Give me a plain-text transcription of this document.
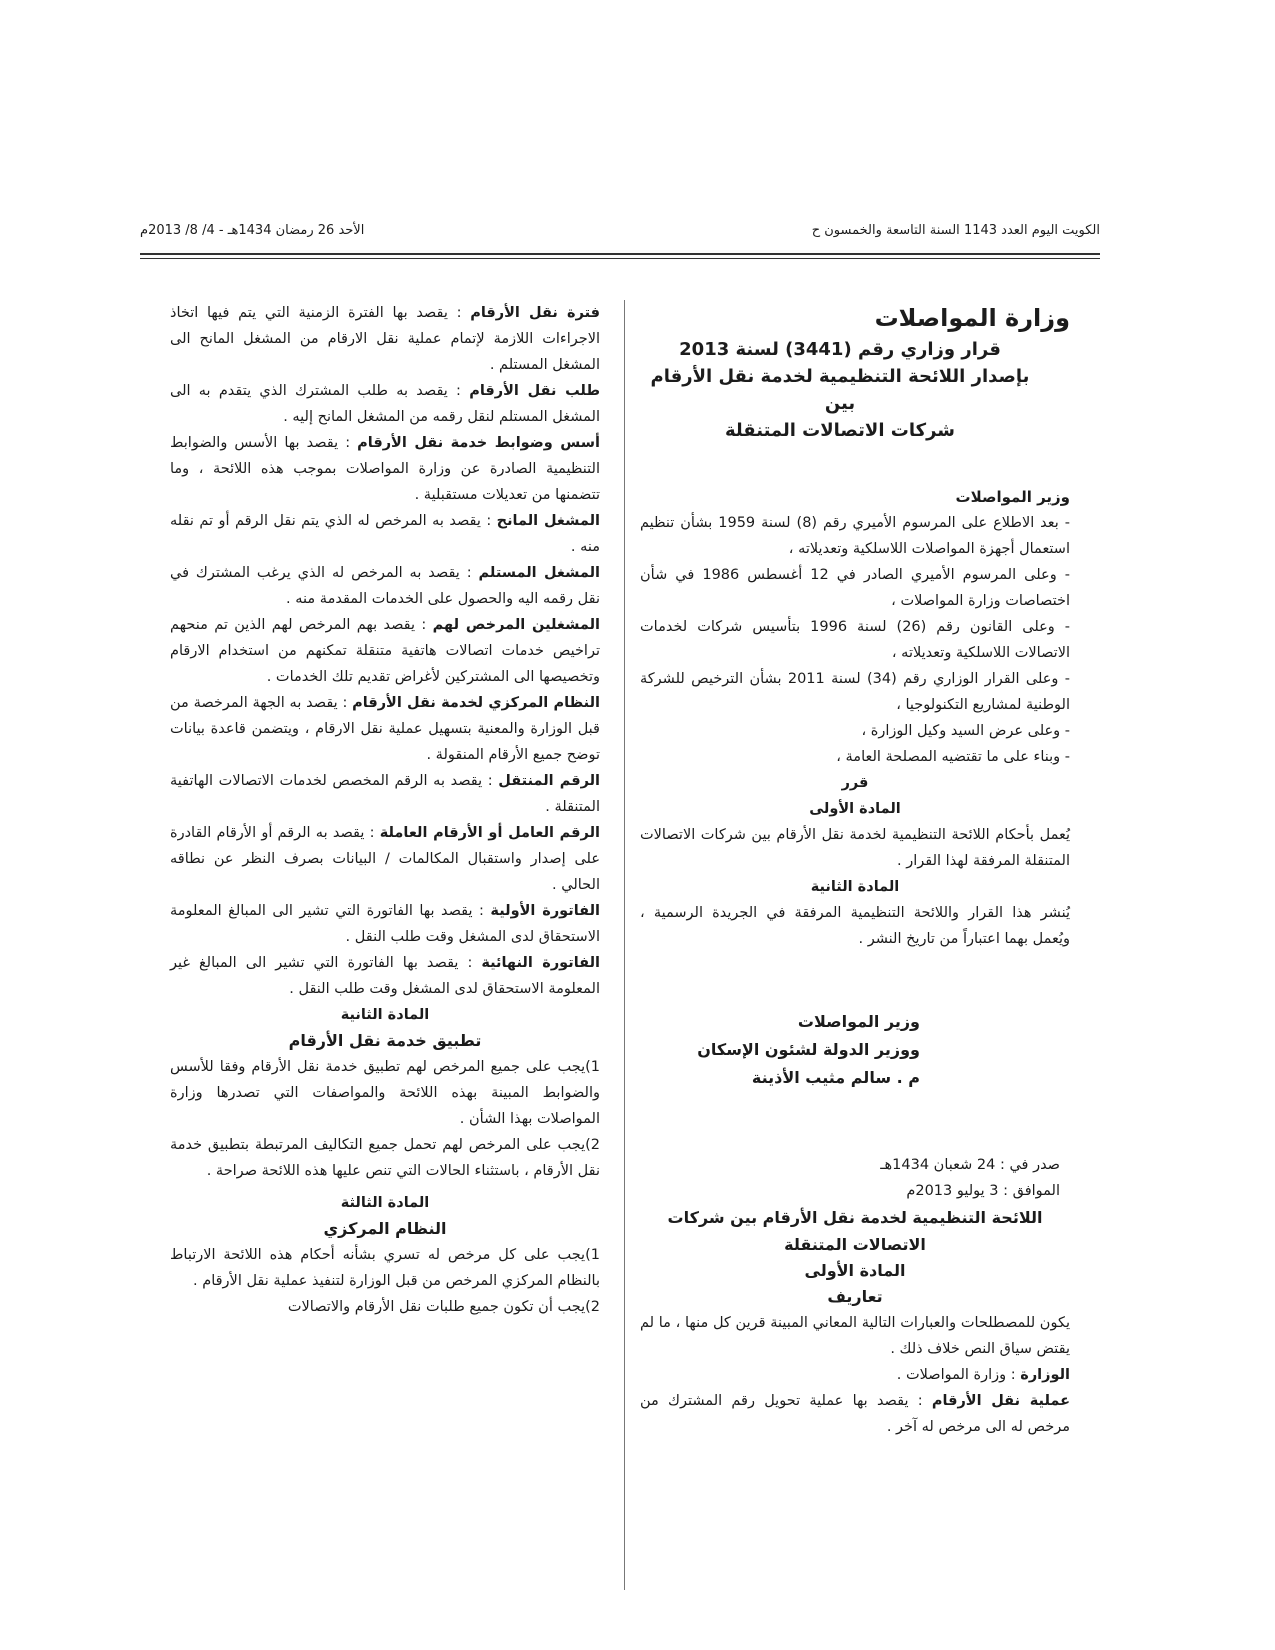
الكويت اليوم العدد 1143 السنة التاسعة والخمسون ح
الأحد 26 رمضان 1434هـ - 4/ 8/ 2013م

وزارة المواصلات

قرار وزاري رقم (3441) لسنة 2013
بإصدار اللائحة التنظيمية لخدمة نقل الأرقام بين
شركات الاتصالات المتنقلة

وزير المواصلات

- بعد الاطلاع على المرسوم الأميري رقم (8) لسنة 1959 بشأن تنظيم استعمال أجهزة المواصلات اللاسلكية وتعديلاته ،

- وعلى المرسوم الأميري الصادر في 12 أغسطس 1986 في شأن اختصاصات وزارة المواصلات ،

- وعلى القانون رقم (26) لسنة 1996 بتأسيس شركات لخدمات الاتصالات اللاسلكية وتعديلاته ،

- وعلى القرار الوزاري رقم (34) لسنة 2011 بشأن الترخيص للشركة الوطنية لمشاريع التكنولوجيا ،

- وعلى عرض السيد وكيل الوزارة ،

- وبناء على ما تقتضيه المصلحة العامة ،

قرر

المادة الأولى

يُعمل بأحكام اللائحة التنظيمية لخدمة نقل الأرقام بين شركات الاتصالات المتنقلة المرفقة لهذا القرار .

المادة الثانية

يُنشر هذا القرار واللائحة التنظيمية المرفقة في الجريدة الرسمية ، ويُعمل بهما اعتباراً من تاريخ النشر .

وزير المواصلات
ووزير الدولة لشئون الإسكان
م . سالم مثيب الأذينة
صدر في : 24 شعبان 1434هـ
الموافق : 3 يوليو 2013م

اللائحة التنظيمية لخدمة نقل الأرقام بين شركات الاتصالات المتنقلة

المادة الأولى

تعاريف

يكون للمصطلحات والعبارات التالية المعاني المبينة قرين كل منها ، ما لم يقتض سياق النص خلاف ذلك .

الوزارة : وزارة المواصلات .

عملية نقل الأرقام : يقصد بها عملية تحويل رقم المشترك من مرخص له الى مرخص له آخر .

فترة نقل الأرقام : يقصد بها الفترة الزمنية التي يتم فيها اتخاذ الاجراءات اللازمة لإتمام عملية نقل الارقام من المشغل المانح الى المشغل المستلم .

طلب نقل الأرقام : يقصد به طلب المشترك الذي يتقدم به الى المشغل المستلم لنقل رقمه من المشغل المانح إليه .

أسس وضوابط خدمة نقل الأرقام : يقصد بها الأسس والضوابط التنظيمية الصادرة عن وزارة المواصلات بموجب هذه اللائحة ، وما تتضمنها من تعديلات مستقبلية .

المشغل المانح : يقصد به المرخص له الذي يتم نقل الرقم أو تم نقله منه .

المشغل المستلم : يقصد به المرخص له الذي يرغب المشترك في نقل رقمه اليه والحصول على الخدمات المقدمة منه .

المشغلين المرخص لهم : يقصد بهم المرخص لهم الذين تم منحهم تراخيص خدمات اتصالات هاتفية متنقلة تمكنهم من استخدام الارقام وتخصيصها الى المشتركين لأغراض تقديم تلك الخدمات .

النظام المركزي لخدمة نقل الأرقام : يقصد به الجهة المرخصة من قبل الوزارة والمعنية بتسهيل عملية نقل الارقام ، ويتضمن قاعدة بيانات توضح جميع الأرقام المنقولة .

الرقم المنتقل : يقصد به الرقم المخصص لخدمات الاتصالات الهاتفية المتنقلة .

الرقم العامل أو الأرقام العاملة : يقصد به الرقم أو الأرقام القادرة على إصدار واستقبال المكالمات / البيانات بصرف النظر عن نطاقه الحالي .

الفاتورة الأولية : يقصد بها الفاتورة التي تشير الى المبالغ المعلومة الاستحقاق لدى المشغل وقت طلب النقل .

الفاتورة النهائية : يقصد بها الفاتورة التي تشير الى المبالغ غير المعلومة الاستحقاق لدى المشغل وقت طلب النقل .

المادة الثانية

تطبيق خدمة نقل الأرقام

1)يجب على جميع المرخص لهم تطبيق خدمة نقل الأرقام وفقا للأسس والضوابط المبينة بهذه اللائحة والمواصفات التي تصدرها وزارة المواصلات بهذا الشأن .

2)يجب على المرخص لهم تحمل جميع التكاليف المرتبطة بتطبيق خدمة نقل الأرقام ، باستثناء الحالات التي تنص عليها هذه اللائحة صراحة .

المادة الثالثة

النظام المركزي

1)يجب على كل مرخص له تسري بشأنه أحكام هذه اللائحة الارتباط بالنظام المركزي المرخص من قبل الوزارة لتنفيذ عملية نقل الأرقام .

2)يجب أن تكون جميع طلبات نقل الأرقام والاتصالات
